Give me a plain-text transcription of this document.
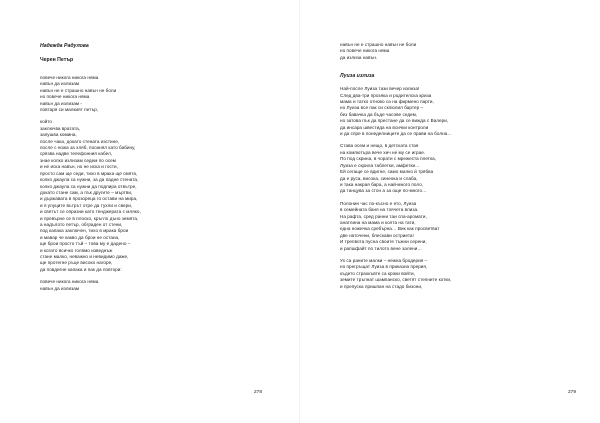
Надежда Радулова
Черен Петър
повече никога никога няма
навън да излизам
навън не е страшно навън не боли
но повече никога няма
навън да излизам -
повтаря си малкият петър,
който
заключва вратата,
запушва комина,
после чака, докато стената изстине,
после с ножа за хляб, посинял като бабину,
срязва надве телефонния кабел,
знае колко излизам седем по осем
и не иска навън, но не иска и гости,
просто сам ще седи, тихо в мрака ще смята,
колко джаула са нужни, за да падне стената,
колко джаула са нужни да подлира отвътре,
докато стане сам, а пък другите – мъртви,
и държавата в прозореца го остави на мира,
и я улуците вътрът отре да тухли и свери,
и светът се опразни като тенджерата с мляко,
и превърне се в плоско, кръгло дъно земята,
а надълото петър, обграден от стени,
под капака заключен, тихо в мрака брои
и мавар че какво да брои не остана,
ще брои просто тъй – това му е дадено –
и когато всичко голямо изведнъж
стане малко, неважно и невидимо даже,
ще протегне ръце високо нагоре,
да повдигне капака и пак да повтори:
повече никога никога няма
навън да излизам
278
навън не е страшно навън не боли
но повече никога няма
да излиза навън.
Луиза излиза
Най-после Луиза тази вечер излиза!
След два-три прозяка и родителска криза
мама и татко отново са на фирмено парти,
но Луиза все пак си склюлил бартер –
без бавачка да бъде часове седем,
но затова пък да престане да се вижда с Валери,
да инсара швестида на всички контроли
и да спре в понеделниците да се прави на болна…
Става осем и нещо, в детската стая
на компютъра вече хич не му се играе.
По под скрина, в чорати с мрежеста плетка,
Луиза е скрила таблетки, амфетки…
Ей сегаще се вдигне, само малко ѝ трябва
да е руса, висока, синеока и слаба,
и така накрая бара, а най-много поло,
да танцува за стон а за още по-много…
Полонин час по-късно е ето, Луиза
в семейната баня на тоячета влиза.
На рафта, сред ранни таи спа-аромати,
анатлина на мама и колта на тати,
една ножичка сребърна… Вик как просветват
две наточени, блескави остриета!
И трепвота пусна своите тъжни серени,
и рапшфайт по тилото вене залени…
Ух са раните малки – нежна бродерия –
но прегръщат Луиза в приказна прерия,
където страхкъвте са кроки войти,
земите тръпнат шампанско, светят степните котки,
и препуска пришпан на стадо бизони,
279
